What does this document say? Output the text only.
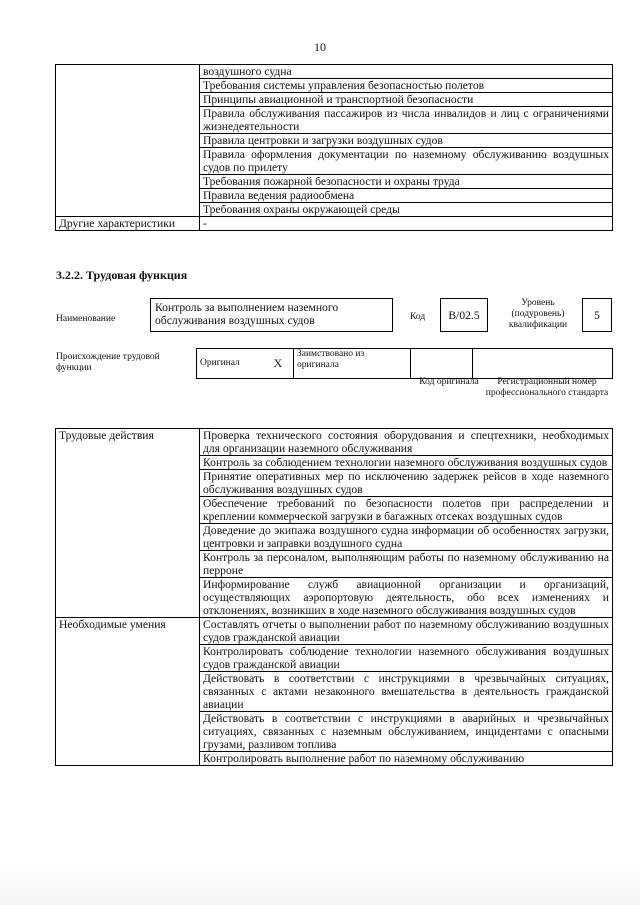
10
	воздушного судна
	Требования системы управления безопасностью полетов
	Принципы авиационной и транспортной безопасности
	Правила обслуживания пассажиров из числа инвалидов и лиц с ограничениями жизнедеятельности
	Правила центровки и загрузки воздушных судов
	Правила оформления документации по наземному обслуживанию воздушных судов по прилету
	Требования пожарной безопасности и охраны труда
	Правила ведения радиообмена
	Требования охраны окружающей среды
Другие характеристики	-
3.2.2. Трудовая функция
Наименование
Контроль за выполнением наземного обслуживания воздушных судов	Код	B/02.5
Уровень (подуровень) квалификации
5
Происхождение трудовой функции	Оригинал	X	Заимствовано из оригинала		
Код оригинала	Регистрационный номер профессионального стандарта
Трудовые действия	Проверка технического состояния оборудования и спецтехники, необходимых для организации наземного обслуживания
	Контроль за соблюдением технологии наземного обслуживания воздушных судов
	Принятие оперативных мер по исключению задержек рейсов в ходе наземного обслуживания воздушных судов
	Обеспечение требований по безопасности полетов при распределении и креплении коммерческой загрузки в багажных отсеках воздушных судов
	Доведение до экипажа воздушного судна информации об особенностях загрузки, центровки и заправки воздушного судна
	Контроль за персоналом, выполняющим работы по наземному обслуживанию на перроне
	Информирование служб авиационной организации и организаций, осуществляющих аэропортовую деятельность, обо всех изменениях и отклонениях, возникших в ходе наземного обслуживания воздушных судов
Необходимые умения	Составлять отчеты о выполнении работ по наземному обслуживанию воздушных судов гражданской авиации
	Контролировать соблюдение технологии наземного обслуживания воздушных судов гражданской авиации
	Действовать в соответствии с инструкциями в чрезвычайных ситуациях, связанных с актами незаконного вмешательства в деятельность гражданской авиации
	Действовать в соответствии с инструкциями в аварийных и чрезвычайных ситуациях, связанных с наземным обслуживанием, инцидентами с опасными грузами, разливом топлива
	Контролировать выполнение работ по наземному обслуживанию
